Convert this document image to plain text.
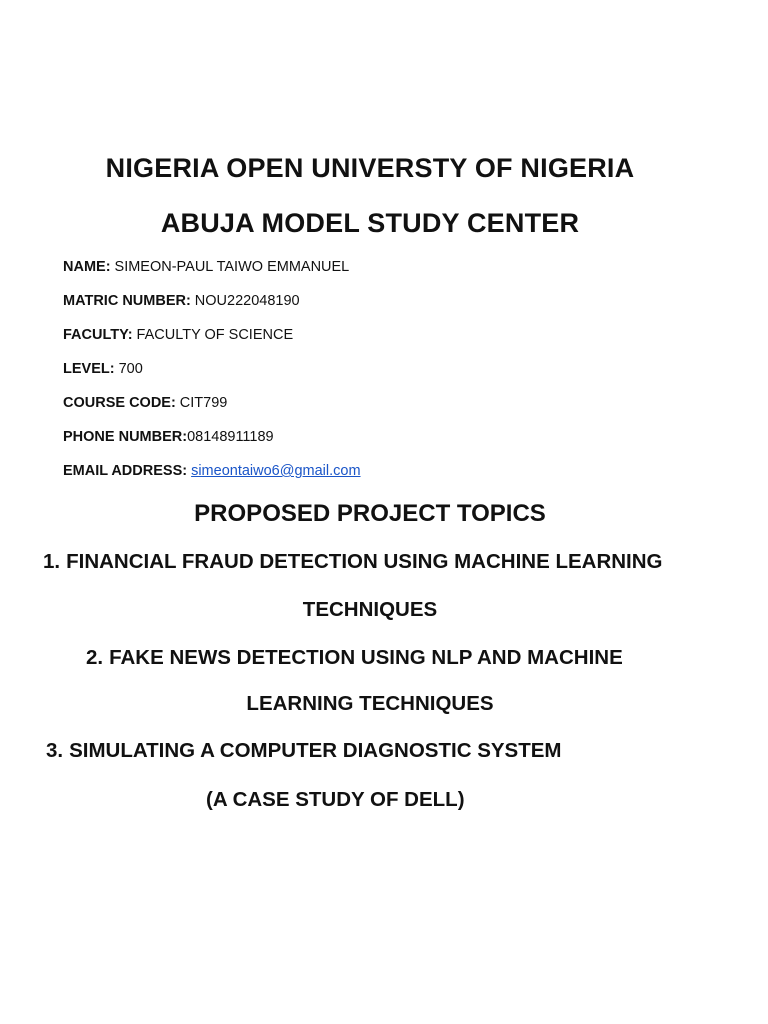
NIGERIA OPEN UNIVERSTY OF NIGERIA
ABUJA MODEL STUDY CENTER
NAME: SIMEON-PAUL TAIWO EMMANUEL
MATRIC NUMBER: NOU222048190
FACULTY: FACULTY OF SCIENCE
LEVEL: 700
COURSE CODE: CIT799
PHONE NUMBER:08148911189
EMAIL ADDRESS: simeontaiwo6@gmail.com
PROPOSED PROJECT TOPICS
1. FINANCIAL FRAUD DETECTION USING MACHINE LEARNING
TECHNIQUES
2. FAKE NEWS DETECTION USING NLP AND MACHINE
LEARNING TECHNIQUES
3. SIMULATING A COMPUTER DIAGNOSTIC SYSTEM
(A CASE STUDY OF DELL)
